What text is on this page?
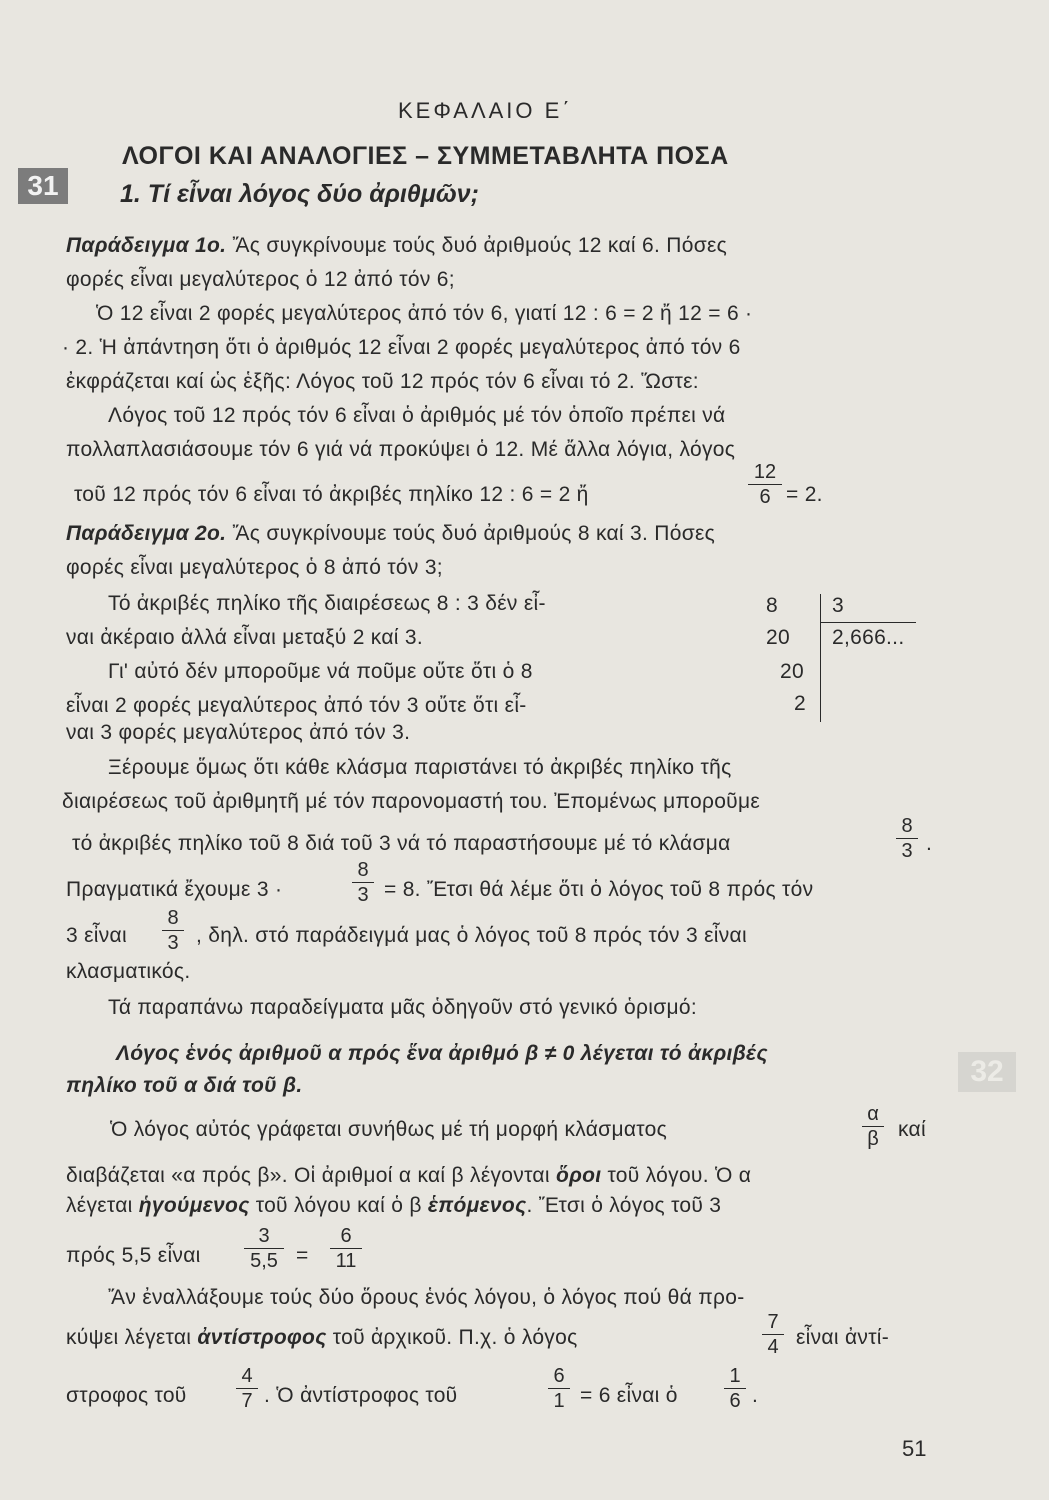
31
32
ΚΕΦΑΛΑΙΟ Ε΄
ΛΟΓΟΙ ΚΑΙ ΑΝΑΛΟΓΙΕΣ – ΣΥΜΜΕΤΑΒΛΗΤΑ ΠΟΣΑ
1. Τί εἶναι λόγος δύο ἀριθμῶν;
Παράδειγμα 1ο. Ἄς συγκρίνουμε τούς δυό ἀριθμούς 12 καί 6. Πόσες
φορές εἶναι μεγαλύτερος ὁ 12 ἀπό τόν 6;
Ὁ 12 εἶναι 2 φορές μεγαλύτερος ἀπό τόν 6, γιατί 12 : 6 = 2 ἤ 12 = 6 ·
· 2. Ἡ ἀπάντηση ὅτι ὁ ἀριθμός 12 εἶναι 2 φορές μεγαλύτερος ἀπό τόν 6
ἐκφράζεται καί ὡς ἑξῆς: Λόγος τοῦ 12 πρός τόν 6 εἶναι τό 2. Ὥστε:
Λόγος τοῦ 12 πρός τόν 6 εἶναι ὁ ἀριθμός μέ τόν ὁποῖο πρέπει νά
πολλαπλασιάσουμε τόν 6 γιά νά προκύψει ὁ 12. Μέ ἄλλα λόγια, λόγος
τοῦ 12 πρός τόν 6 εἶναι τό ἀκριβές πηλίκο 12 : 6 = 2 ἤ
12
6 = 2.
Παράδειγμα 2ο. Ἄς συγκρίνουμε τούς δυό ἀριθμούς 8 καί 3. Πόσες
φορές εἶναι μεγαλύτερος ὁ 8 ἀπό τόν 3;
Τό ἀκριβές πηλίκο τῆς διαιρέσεως 8 : 3 δέν εἶ-
ναι ἀκέραιο ἀλλά εἶναι μεταξύ 2 καί 3.
Γι' αὐτό δέν μποροῦμε νά ποῦμε οὔτε ὅτι ὁ 8
εἶναι 2 φορές μεγαλύτερος ἀπό τόν 3 οὔτε ὅτι εἶ-
ναι 3 φορές μεγαλύτερος ἀπό τόν 3.
8	3
20 2,666...
20
2
Ξέρουμε ὅμως ὅτι κάθε κλάσμα παριστάνει τό ἀκριβές πηλίκο τῆς
διαιρέσεως τοῦ ἀριθμητῆ μέ τόν παρονομαστή του. Ἐπομένως μποροῦμε
τό ἀκριβές πηλίκο τοῦ 8 διά τοῦ 3 νά τό παραστήσουμε μέ τό κλάσμα
8
3 .
Πραγματικά ἔχουμε 3 ·
8
3 = 8. Ἔτσι θά λέμε ὅτι ὁ λόγος τοῦ 8 πρός τόν
3 εἶναι
8
3 , δηλ. στό παράδειγμά μας ὁ λόγος τοῦ 8 πρός τόν 3 εἶναι
κλασματικός.
Τά παραπάνω παραδείγματα μᾶς ὁδηγοῦν στό γενικό ὁρισμό:
Λόγος ἑνός ἀριθμοῦ α πρός ἕνα ἀριθμό β ≠ 0 λέγεται τό ἀκριβές
πηλίκο τοῦ α διά τοῦ β.
Ὁ λόγος αὐτός γράφεται συνήθως μέ τή μορφή κλάσματος
α
β καί
διαβάζεται «α πρός β». Οἱ ἀριθμοί α καί β λέγονται ὅροι τοῦ λόγου. Ὁ α
λέγεται ἡγούμενος τοῦ λόγου καί ὁ β ἑπόμενος. Ἔτσι ὁ λόγος τοῦ 3
πρός 5,5 εἶναι
3
5,5 =
6
11
Ἄν ἐναλλάξουμε τούς δύο ὅρους ἑνός λόγου, ὁ λόγος πού θά προ-
κύψει λέγεται ἀντίστροφος τοῦ ἀρχικοῦ. Π.χ. ὁ λόγος
7
4 εἶναι ἀντί-
στροφος τοῦ
4
7 . Ὁ ἀντίστροφος τοῦ
6
1 = 6 εἶναι ὁ
1
6 .
51
